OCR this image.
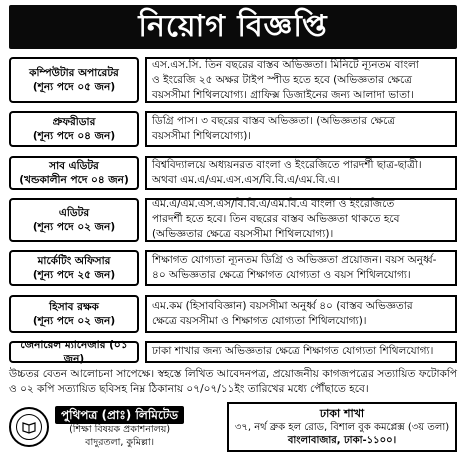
নিয়োগ বিজ্ঞপ্তি
কম্পিউটার অপারেটর
(শূন্য পদে ০৫ জন)
এস.এস.সি. তিন বছরের বাস্তব অভিজ্ঞতা। মিনিটে ন্যূনতম বাংলা
ও ইংরেজি ২৫ অক্ষর টাইপ স্পীড হতে হবে (অভিজ্ঞতার ক্ষেত্রে
বয়সসীমা শিথিলযোগ্য। গ্রাফিক্স ডিজাইনের জন্য আলাদা ভাতা।
প্রুফরীডার
(শূন্য পদে ০৪ জন)
ডিগ্রি পাস। ৩ বছরের বাস্তব অভিজ্ঞতা। (অভিজ্ঞতার ক্ষেত্রে
বয়সসীমা শিথিলযোগ্য)।
সাব এডিটর
(খন্ডকালীন পদে ০৪ জন)
বিশ্ববিদ্যালয়ে অধ্যয়নরত বাংলা ও ইংরেজিতে পারদর্শী ছাত্র-ছাত্রী।
অথবা এম.এ/এম.এস.এস/বি.বি.এ/এম.বি.এ।
এডিটর
(শূন্য পদে ০২ জন)
এম.এ/এম.এস.এস/বি.বি.এ/এম.বি.এ বাংলা ও ইংরেজিতে
পারদর্শী হতে হবে। তিন বছরের বাস্তব অভিজ্ঞতা থাকতে হবে
(অভিজ্ঞতার ক্ষেত্রে বয়সসীমা শিথিলযোগ্য)।
মার্কেটিং অফিসার
(শূন্য পদে ২৫ জন)
শিক্ষাগত যোগ্যতা ন্যূনতম ডিগ্রি ও অভিজ্ঞতা প্রয়োজন। বয়স অনুর্ধ্ব-
৪০ অভিজ্ঞতার ক্ষেত্রে শিক্ষাগত যোগ্যতা ও বয়স শিথিলযোগ্য।
হিসাব রক্ষক
(শূন্য পদে ০২ জন)
এম.কম (হিসাববিজ্ঞান) বয়সসীমা অনুর্ধ্ব ৪০ (বাস্তব অভিজ্ঞতার
ক্ষেত্রে বয়সসীমা ও শিক্ষাগত যোগ্যতা শিথিলযোগ্য)।
জেনারেল ম্যানেজার (০১ জন)
ঢাকা শাখার জন্য অভিজ্ঞতার ক্ষেত্রে শিক্ষাগত যোগ্যতা শিথিলযোগ্য।
উচ্চতর বেতন আলোচনা সাপেক্ষে। স্বহস্তে লিখিত আবেদনপত্র, প্রয়োজনীয় কাগজপত্রের সত্যায়িত ফটোকপি ও ০২ কপি সত্যায়িত ছবিসহ নিম্ন ঠিকানায় ০৭/০৭/১১ইং তারিখের মধ্যে পৌঁছাতে হবে।
পুথিপত্র (প্রাঃ) লিমিটেড
(শিক্ষা বিষয়ক প্রকাশনালয়)
বাদুরতলা, কুমিল্লা।
ঢাকা শাখা
৩৭, নর্থ ব্রুক হল রোড, বিশাল বুক কমপ্লেক্স (৩য় তলা)
বাংলাবাজার, ঢাকা-১১০০।
